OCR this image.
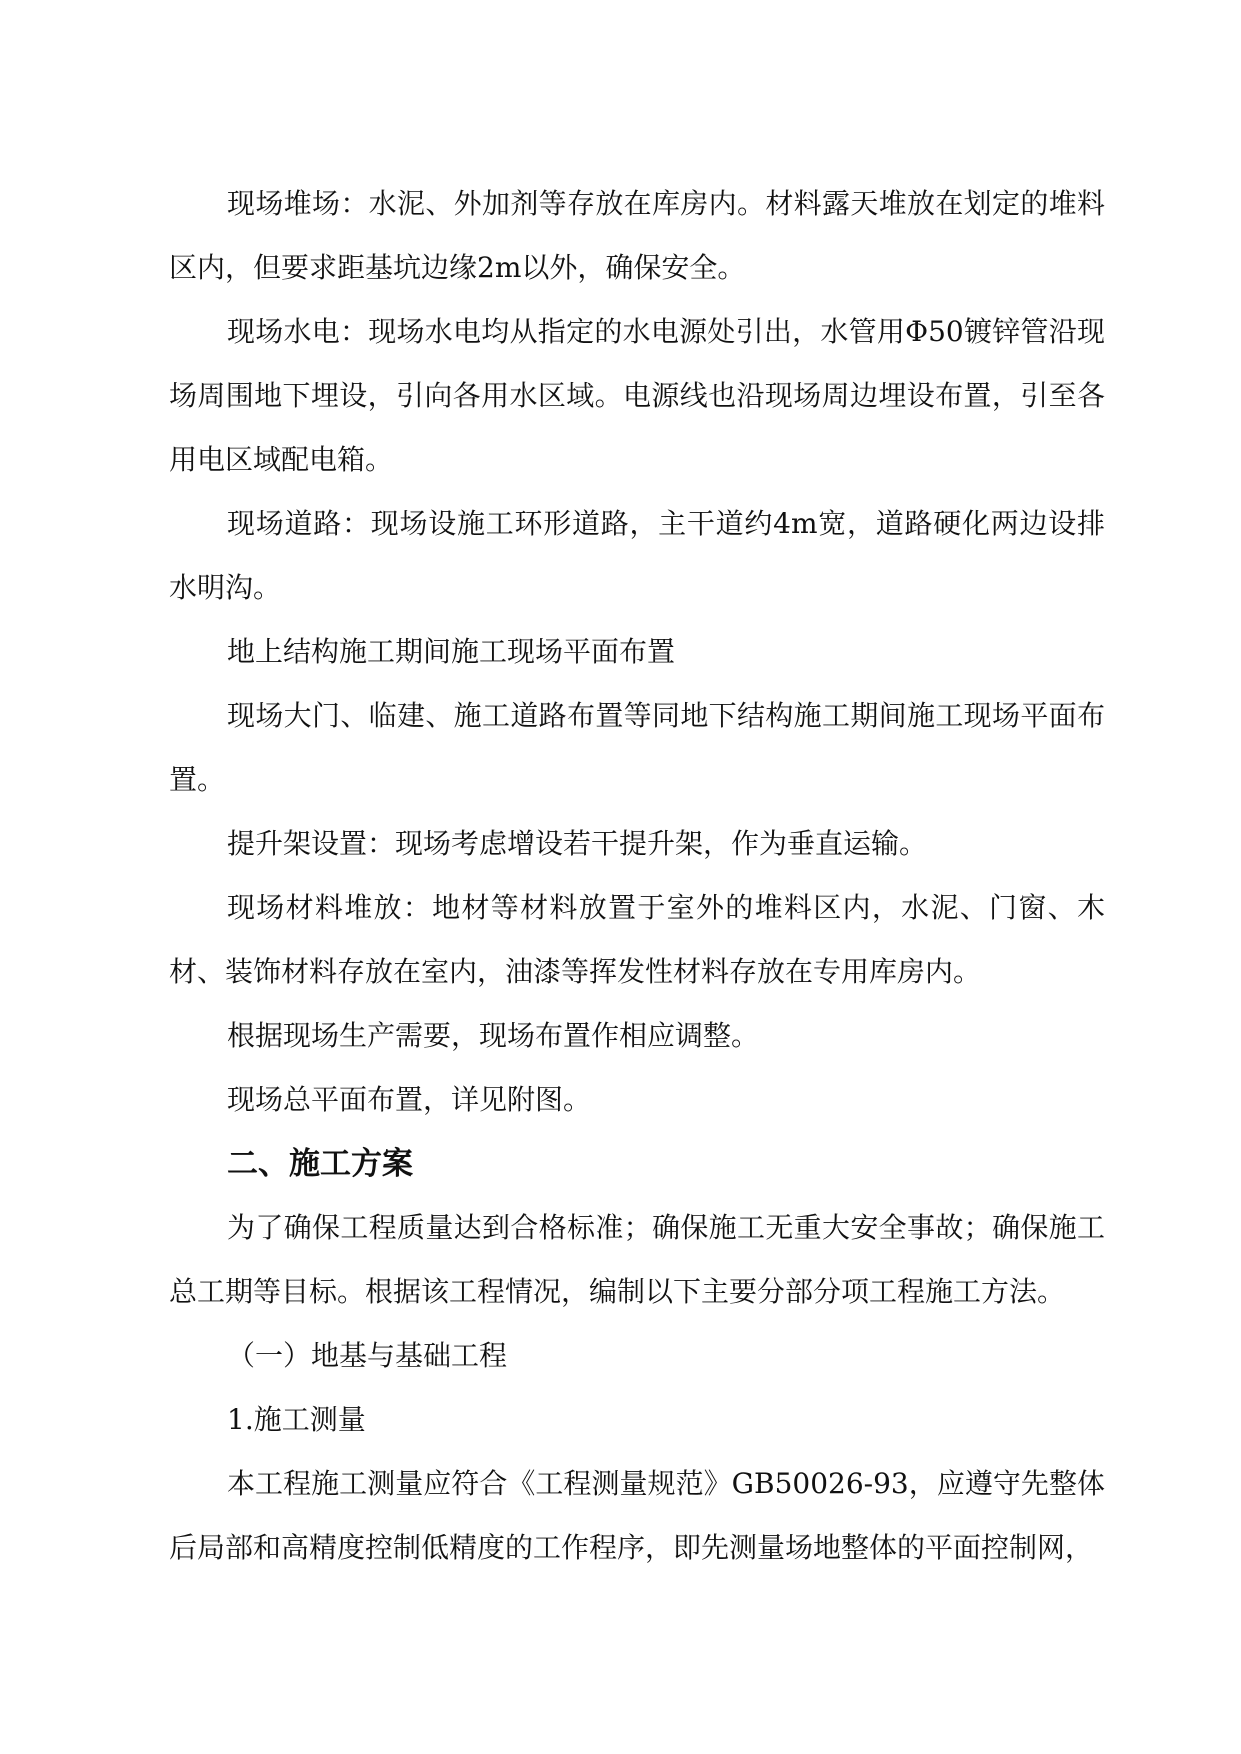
现场堆场：水泥、外加剂等存放在库房内。材料露天堆放在划定的堆料区内，但要求距基坑边缘2m以外，确保安全。

现场水电：现场水电均从指定的水电源处引出，水管用Φ50镀锌管沿现场周围地下埋设，引向各用水区域。电源线也沿现场周边埋设布置，引至各用电区域配电箱。

现场道路：现场设施工环形道路，主干道约4m宽，道路硬化两边设排水明沟。

地上结构施工期间施工现场平面布置

现场大门、临建、施工道路布置等同地下结构施工期间施工现场平面布置。

提升架设置：现场考虑增设若干提升架，作为垂直运输。

现场材料堆放：地材等材料放置于室外的堆料区内，水泥、门窗、木材、装饰材料存放在室内，油漆等挥发性材料存放在专用库房内。

根据现场生产需要，现场布置作相应调整。

现场总平面布置，详见附图。

二、施工方案

为了确保工程质量达到合格标准；确保施工无重大安全事故；确保施工总工期等目标。根据该工程情况，编制以下主要分部分项工程施工方法。

（一）地基与基础工程

1.施工测量

本工程施工测量应符合《工程测量规范》GB50026-93，应遵守先整体后局部和高精度控制低精度的工作程序，即先测量场地整体的平面控制网，
